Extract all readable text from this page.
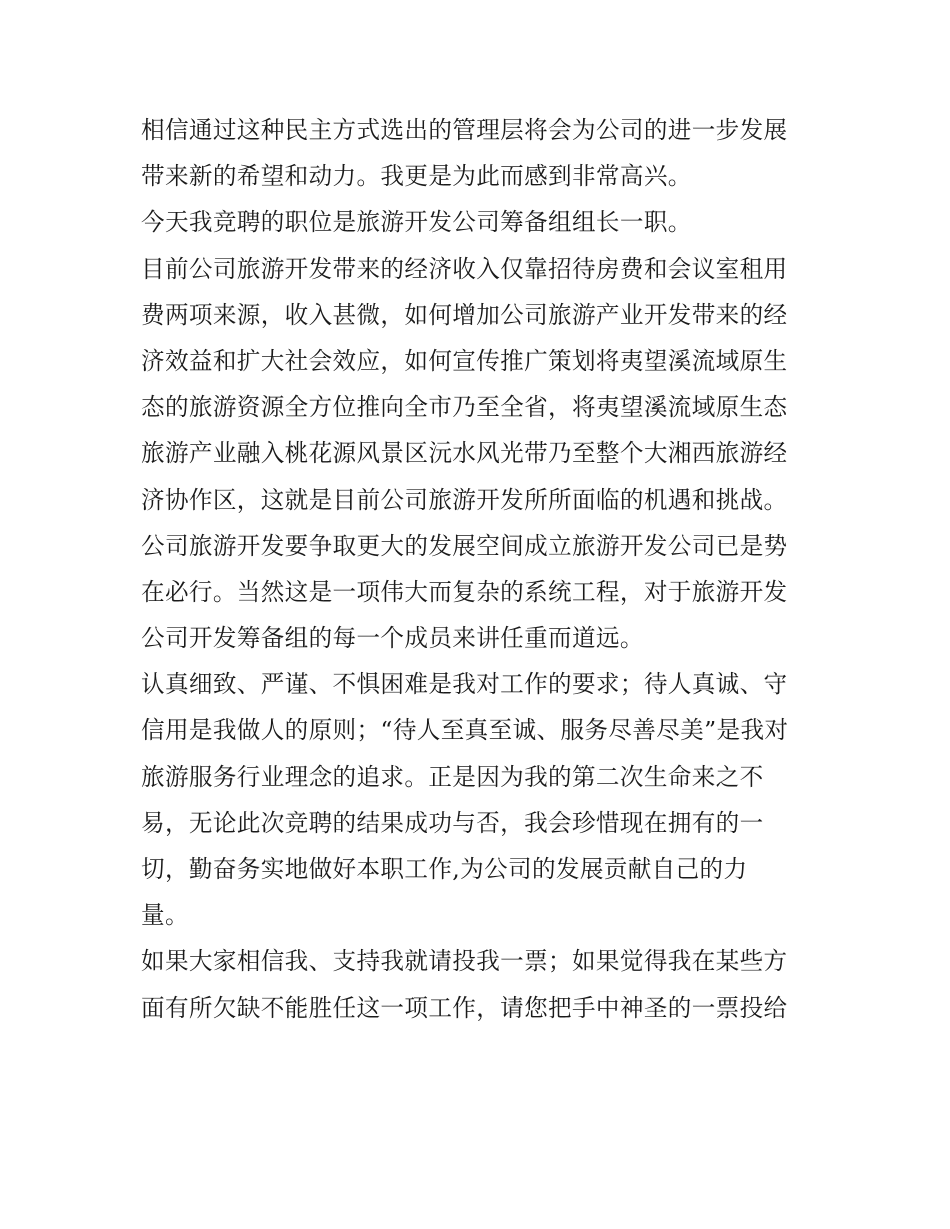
相信通过这种民主方式选出的管理层将会为公司的进一步发展
带来新的希望和动力。我更是为此而感到非常高兴。
今天我竞聘的职位是旅游开发公司筹备组组长一职。
目前公司旅游开发带来的经济收入仅靠招待房费和会议室租用
费两项来源，收入甚微，如何增加公司旅游产业开发带来的经
济效益和扩大社会效应，如何宣传推广策划将夷望溪流域原生
态的旅游资源全方位推向全市乃至全省，将夷望溪流域原生态
旅游产业融入桃花源风景区沅水风光带乃至整个大湘西旅游经
济协作区，这就是目前公司旅游开发所所面临的机遇和挑战。
公司旅游开发要争取更大的发展空间成立旅游开发公司已是势
在必行。当然这是一项伟大而复杂的系统工程，对于旅游开发
公司开发筹备组的每一个成员来讲任重而道远。
认真细致、严谨、不惧困难是我对工作的要求；待人真诚、守
信用是我做人的原则；“待人至真至诚、服务尽善尽美”是我对
旅游服务行业理念的追求。正是因为我的第二次生命来之不
易，无论此次竞聘的结果成功与否，我会珍惜现在拥有的一
切，勤奋务实地做好本职工作,为公司的发展贡献自己的力
量。
如果大家相信我、支持我就请投我一票；如果觉得我在某些方
面有所欠缺不能胜任这一项工作，请您把手中神圣的一票投给
